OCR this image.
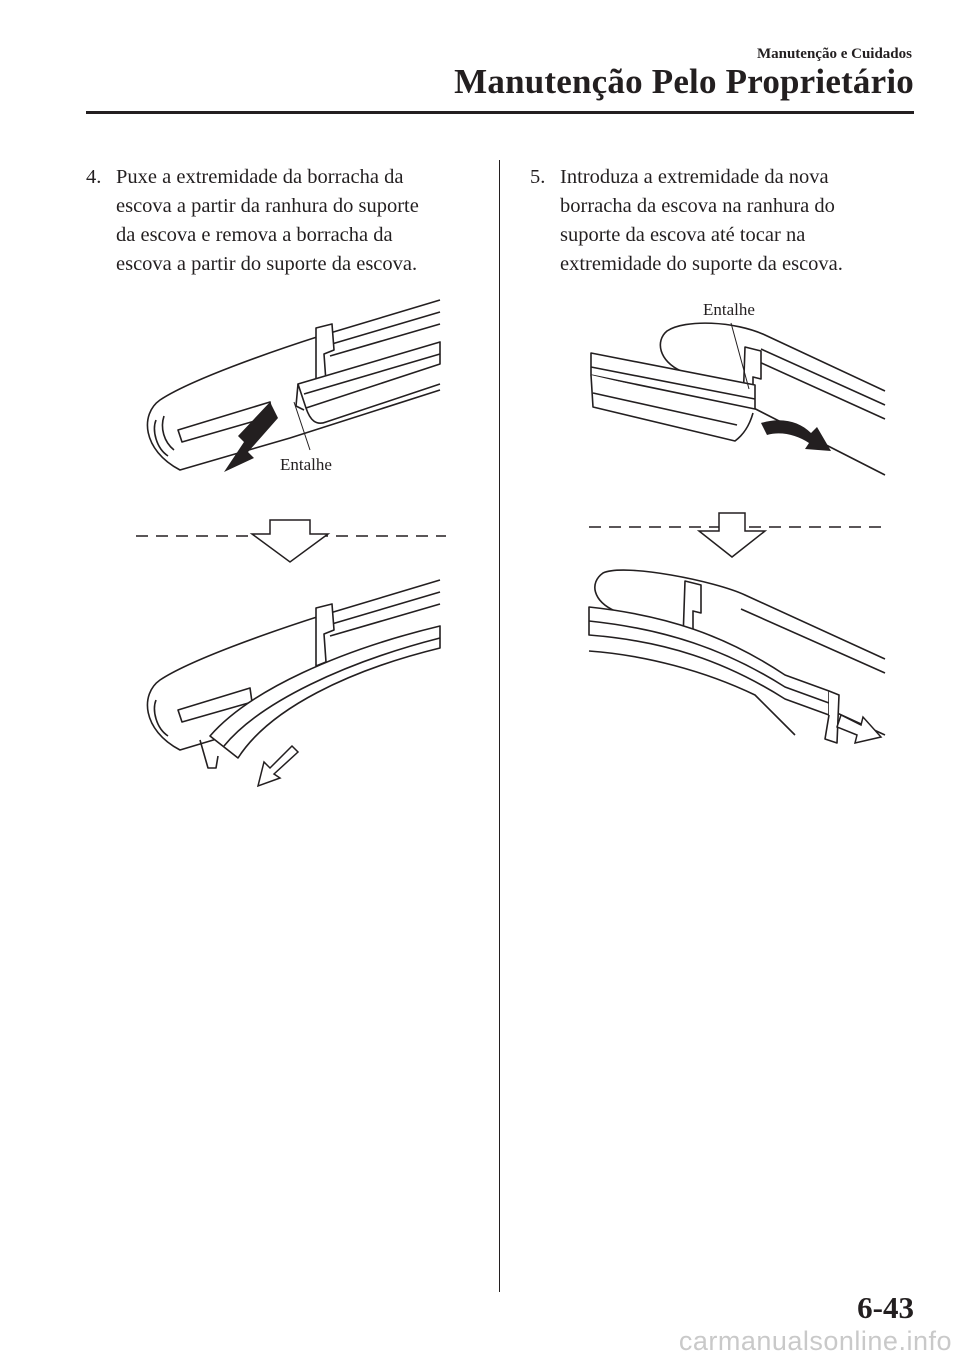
Manutenção e Cuidados
Manutenção Pelo Proprietário
4. Puxe a extremidade da borracha da
escova a partir da ranhura do suporte
da escova e remova a borracha da
escova a partir do suporte da escova.
5. Introduza a extremidade da nova
borracha da escova na ranhura do
suporte da escova até tocar na
extremidade do suporte da escova.
Entalhe
Entalhe
6-43
carmanualsonline.info
